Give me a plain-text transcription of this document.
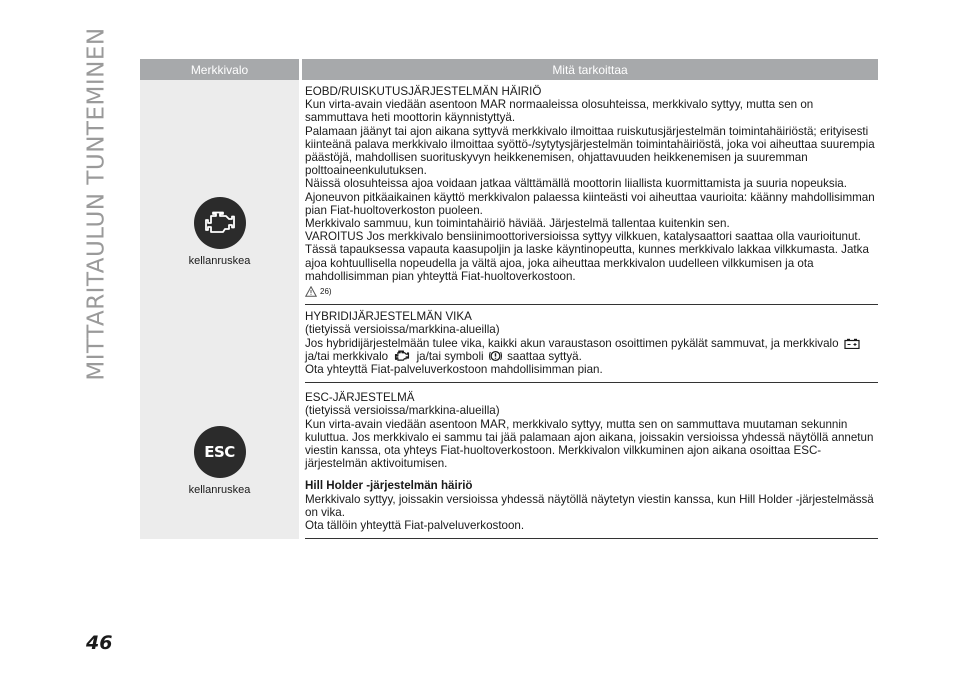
MITTARITAULUN TUNTEMINEN	Merkkivalo	Mitä tarkoittaa
kellanruskea

EOBD/RUISKUTUSJÄRJESTELMÄN HÄIRIÖ

Kun virta-avain viedään asentoon MAR normaaleissa olosuhteissa, merkkivalo syttyy, mutta sen on sammuttava heti moottorin käynnistyttyä.

Palamaan jäänyt tai ajon aikana syttyvä merkkivalo ilmoittaa ruiskutusjärjestelmän toimintahäiriöstä; erityisesti kiinteänä palava merkkivalo ilmoittaa syöttö-/sytytysjärjestelmän toimintahäiriöstä, joka voi aiheuttaa suurempia päästöjä, mahdollisen suorituskyvyn heikkenemisen, ohjattavuuden heikkenemisen ja suuremman polttoaineenkulutuksen.

Näissä olosuhteissa ajoa voidaan jatkaa välttämällä moottorin liiallista kuormittamista ja suuria nopeuksia. Ajoneuvon pitkäaikainen käyttö merkkivalon palaessa kiinteästi voi aiheuttaa vaurioita: käänny mahdollisimman pian Fiat-huoltoverkoston puoleen.

Merkkivalo sammuu, kun toimintahäiriö häviää. Järjestelmä tallentaa kuitenkin sen.

VAROITUS Jos merkkivalo bensiinimoottoriversioissa syttyy vilkkuen, katalysaattori saattaa olla vaurioitunut. Tässä tapauksessa vapauta kaasupoljin ja laske käyntinopeutta, kunnes merkkivalo lakkaa vilkkumasta. Jatka ajoa kohtuullisella nopeudella ja vältä ajoa, joka aiheuttaa merkkivalon uudelleen vilkkumisen ja ota mahdollisimman pian yhteyttä Fiat-huoltoverkostoon.

26)

HYBRIDIJÄRJESTELMÄN VIKA

(tietyissä versioissa/markkina-alueilla)

Jos hybridijärjestelmään tulee vika, kaikki akun varaustason osoittimen pykälät sammuvat, ja merkkivalo

ja/tai merkkivalo ja/tai symboli saattaa syttyä.

Ota yhteyttä Fiat-palveluverkostoon mahdollisimman pian.

ESC
kellanruskea

ESC-JÄRJESTELMÄ

(tietyissä versioissa/markkina-alueilla)

Kun virta-avain viedään asentoon MAR, merkkivalo syttyy, mutta sen on sammuttava muutaman sekunnin kuluttua. Jos merkkivalo ei sammu tai jää palamaan ajon aikana, joissakin versioissa yhdessä näytöllä annetun viestin kanssa, ota yhteys Fiat-huoltoverkostoon. Merkkivalon vilkkuminen ajon aikana osoittaa ESC-järjestelmän aktivoitumisen.

Hill Holder -järjestelmän häiriö

Merkkivalo syttyy, joissakin versioissa yhdessä näytöllä näytetyn viestin kanssa, kun Hill Holder -järjestelmässä on vika.

Ota tällöin yhteyttä Fiat-palveluverkostoon.

46
